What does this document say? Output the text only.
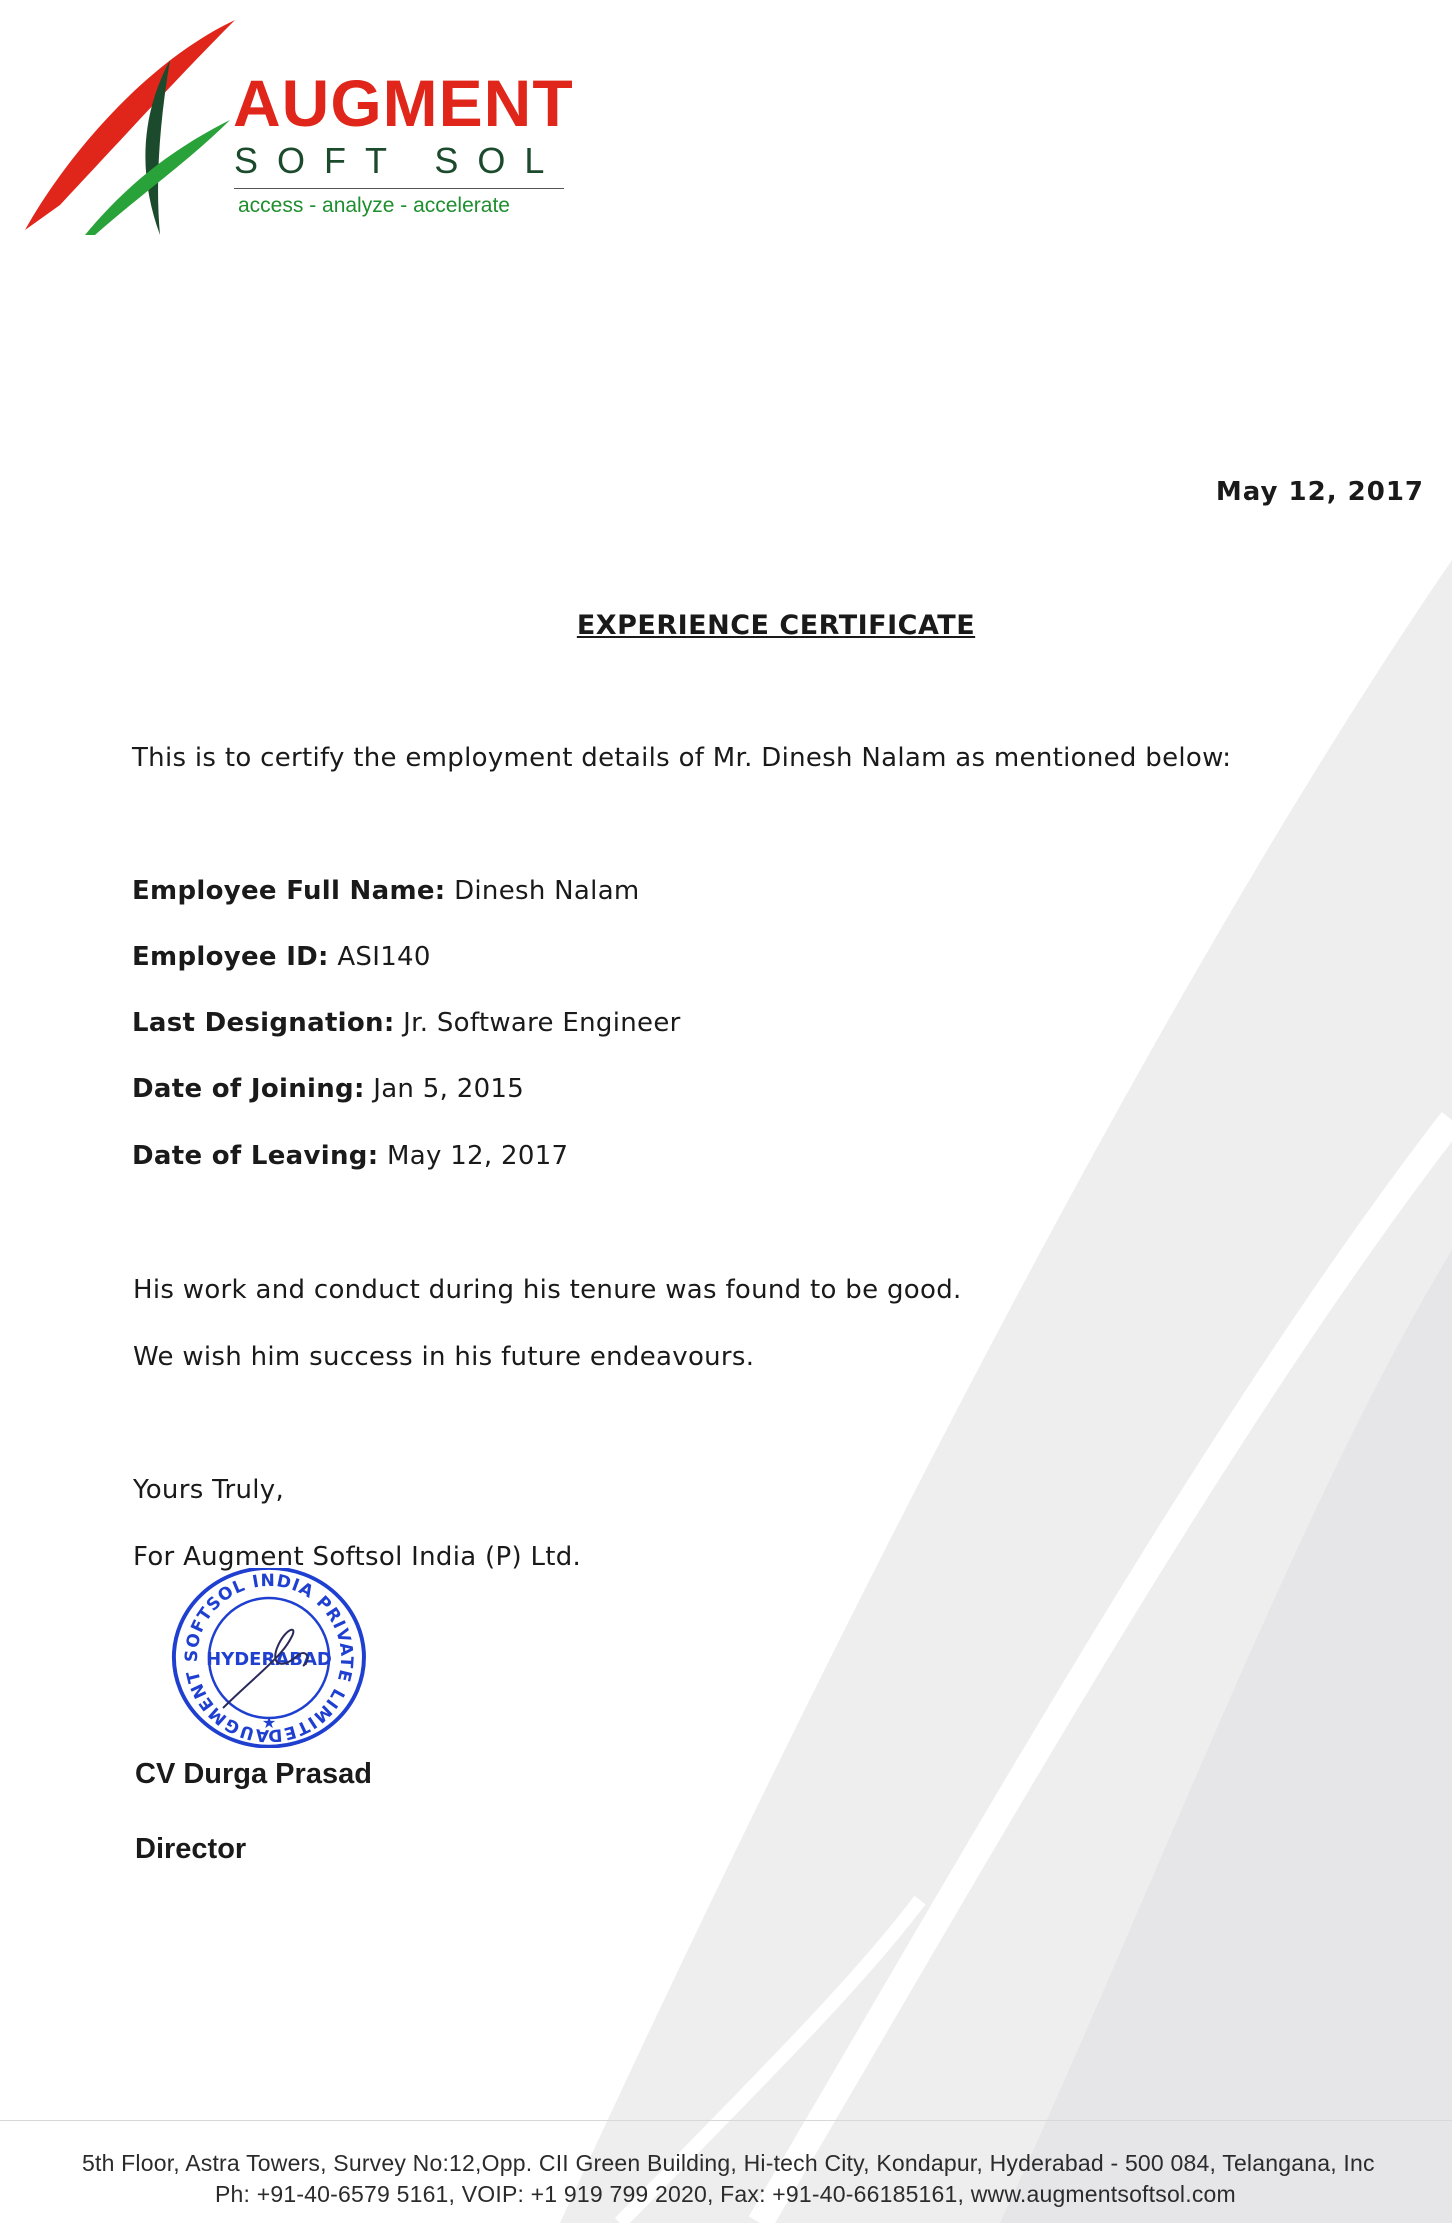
AUGMENT
SOFT SOL
access - analyze - accelerate
May 12, 2017
EXPERIENCE CERTIFICATE
This is to certify the employment details of Mr. Dinesh Nalam as mentioned below:
Employee Full Name: Dinesh Nalam
Employee ID: ASI140
Last Designation: Jr. Software Engineer
Date of Joining: Jan 5, 2015
Date of Leaving: May 12, 2017
His work and conduct during his tenure was found to be good.
We wish him success in his future endeavours.
Yours Truly,
For Augment Softsol India (P) Ltd.
AUGMENT SOFTSOL INDIA PRIVATE LIMITED
HYDERABAD
★
CV Durga Prasad
Director
5th Floor, Astra Towers, Survey No:12,Opp. CII Green Building, Hi-tech City, Kondapur, Hyderabad - 500 084, Telangana, Inc
Ph: +91-40-6579 5161, VOIP: +1 919 799 2020, Fax: +91-40-66185161, www.augmentsoftsol.com
